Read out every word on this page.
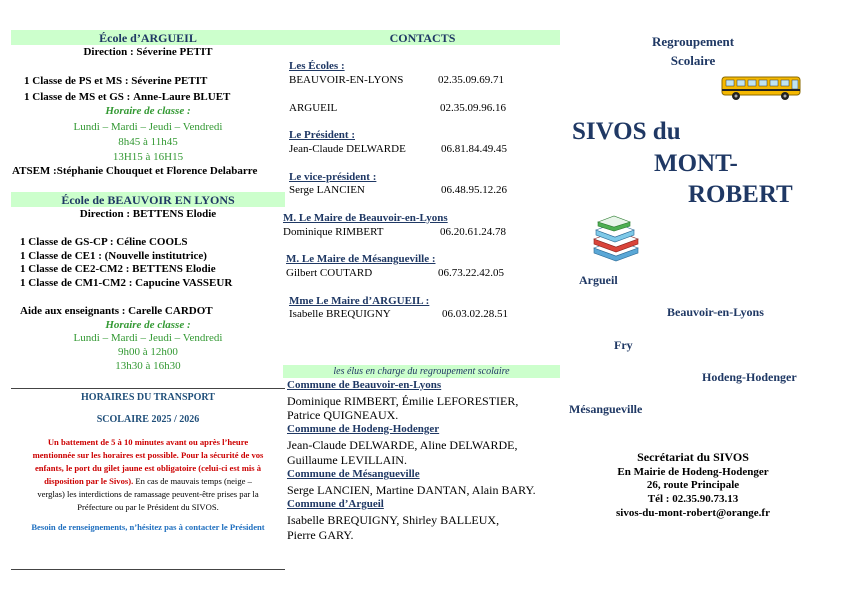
École d’ARGUEIL
Direction : Séverine PETIT
1 Classe de PS et MS : Séverine PETIT
1 Classe de MS et GS : Anne-Laure BLUET
Horaire de classe :
Lundi – Mardi – Jeudi – Vendredi
8h45 à 11h45
13H15 à 16H15
ATSEM :Stéphanie Chouquet et Florence Delabarre
École de BEAUVOIR EN LYONS
Direction : BETTENS Elodie
1 Classe de GS-CP : Céline COOLS
1 Classe de CE1 : (Nouvelle institutrice)
1 Classe de CE2-CM2 : BETTENS Elodie
1 Classe de CM1-CM2 : Capucine VASSEUR
Aide aux enseignants : Carelle CARDOT
Horaire de classe :
Lundi – Mardi – Jeudi – Vendredi
9h00 à 12h00
13h30 à 16h30
HORAIRES DU TRANSPORT
SCOLAIRE 2025 / 2026
Un battement de 5 à 10 minutes avant ou après l’heure
mentionnée sur les horaires est possible. Pour la sécurité de vos
enfants, le port du gilet jaune est obligatoire (celui-ci est mis à
disposition par le Sivos). En cas de mauvais temps (neige –
verglas) les interdictions de ramassage peuvent-être prises par la
Préfecture ou par le Président du SIVOS.
Besoin de renseignements, n’hésitez pas à contacter le Président
CONTACTS
Les Écoles :
BEAUVOIR-EN-LYONS	02.35.09.69.71
ARGUEIL	02.35.09.96.16
Le Président :
Jean-Claude DELWARDE	06.81.84.49.45
Le vice-président :
Serge LANCIEN	06.48.95.12.26
M. Le Maire de Beauvoir-en-Lyons
Dominique RIMBERT	06.20.61.24.78
M. Le Maire de Mésangueville :
Gilbert COUTARD	06.73.22.42.05
Mme Le Maire d’ARGUEIL :
Isabelle BREQUIGNY	06.03.02.28.51
les élus en charge du regroupement scolaire
Commune de Beauvoir-en-Lyons
Dominique RIMBERT, Émilie LEFORESTIER,
Patrice QUIGNEAUX.
Commune de Hodeng-Hodenger
Jean-Claude DELWARDE, Aline DELWARDE,
Guillaume LEVILLAIN.
Commune de Mésangueville
Serge LANCIEN, Martine DANTAN, Alain BARY.
Commune d’Argueil
Isabelle BREQUIGNY, Shirley BALLEUX,
Pierre GARY.
Regroupement
Scolaire
SIVOS du
MONT-
ROBERT
Argueil
Beauvoir-en-Lyons
Fry
Hodeng-Hodenger
Mésangueville
Secrétariat du SIVOS
En Mairie de Hodeng-Hodenger
26, route Principale
Tél : 02.35.90.73.13
sivos-du-mont-robert@orange.fr
